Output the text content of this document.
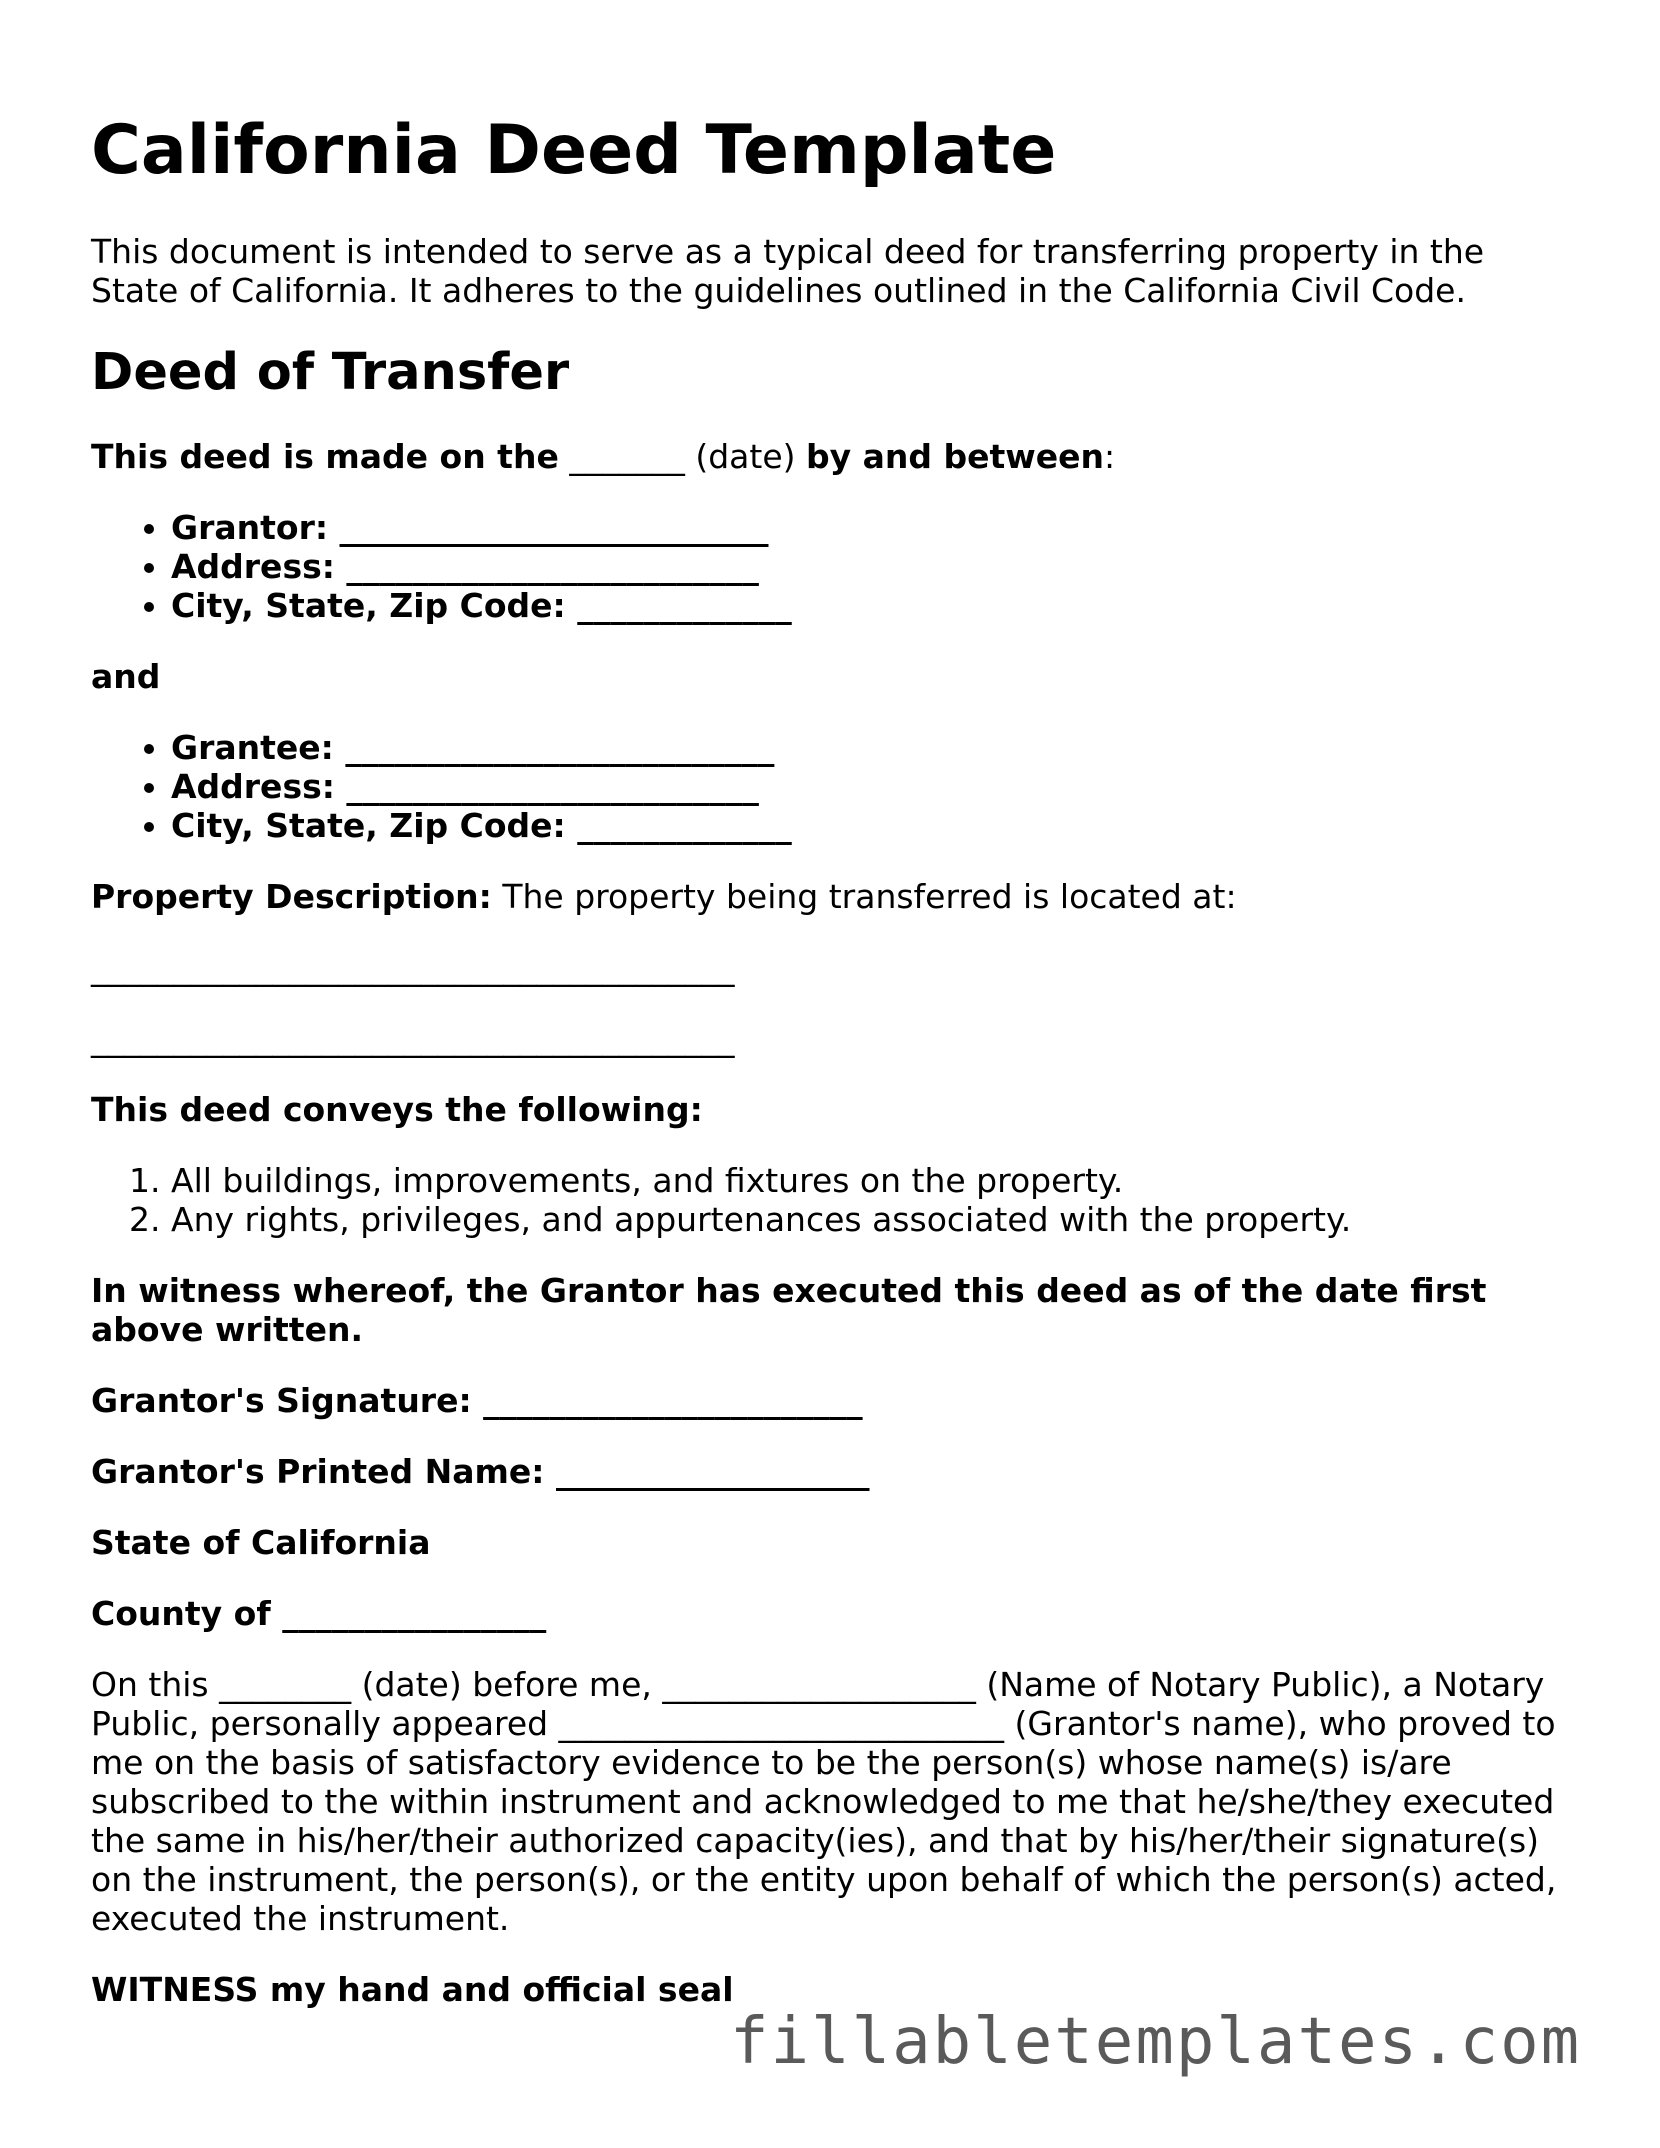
California Deed Template

This document is intended to serve as a typical deed for transferring property in the State of California. It adheres to the guidelines outlined in the California Civil Code.

Deed of Transfer

This deed is made on the _______ (date) by and between:

• Grantor: __________________________
• Address: _________________________
• City, State, Zip Code: _____________

and

• Grantee: __________________________
• Address: _________________________
• City, State, Zip Code: _____________

Property Description: The property being transferred is located at:

_______________________________________
_______________________________________

This deed conveys the following:

1. All buildings, improvements, and fixtures on the property.
2. Any rights, privileges, and appurtenances associated with the property.

In witness whereof, the Grantor has executed this deed as of the date first above written.

Grantor's Signature: _______________________

Grantor's Printed Name: ___________________

State of California

County of ________________

On this ________ (date) before me, ___________________ (Name of Notary Public), a Notary Public, personally appeared ___________________________ (Grantor's name), who proved to me on the basis of satisfactory evidence to be the person(s) whose name(s) is/are subscribed to the within instrument and acknowledged to me that he/she/they executed the same in his/her/their authorized capacity(ies), and that by his/her/their signature(s) on the instrument, the person(s), or the entity upon behalf of which the person(s) acted, executed the instrument.

WITNESS my hand and official seal

fillabletemplates.com
